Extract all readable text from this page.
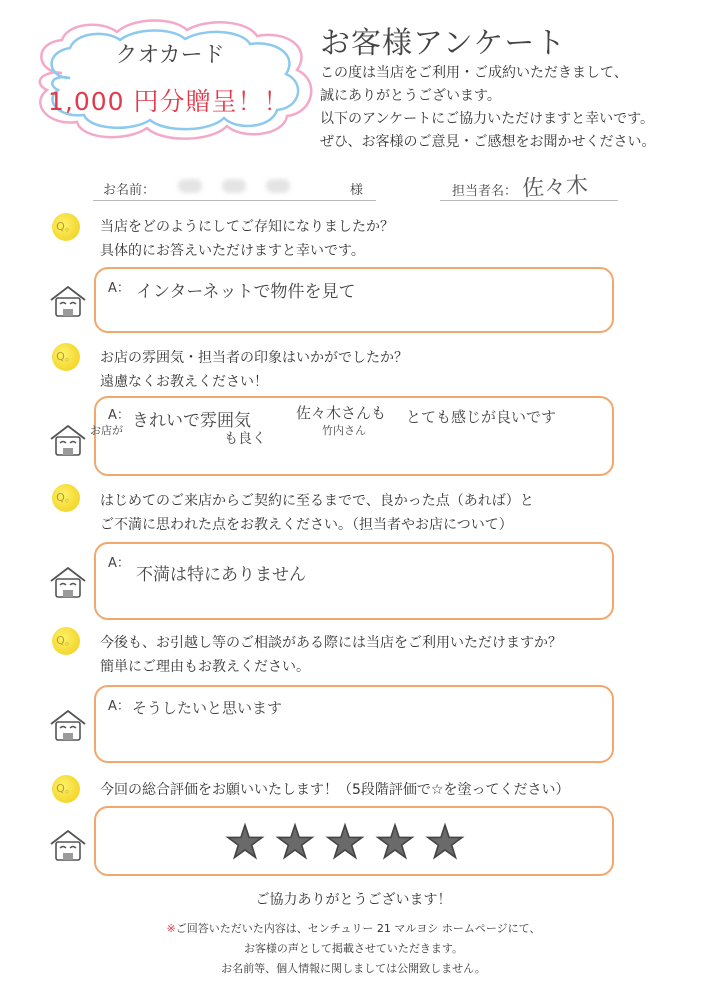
クオカード
1,000 円分贈呈！！
お客様アンケート
この度は当店をご利用・ご成約いただきまして、
誠にありがとうございます。
以下のアンケートにご協力いただけますと幸いです。
ぜひ、お客様のご意見・ご感想をお聞かせください。
お名前：	様	担当者名： 佐々木
Q。 当店をどのようにしてご存知になりましたか？
具体的にお答えいただけますと幸いです。
A： インターネットで物件を見て
Q。 お店の雰囲気・担当者の印象はいかがでしたか？
遠慮なくお教えください！
A：
お店が きれいで雰囲気
も良く
佐々木さんも
竹内さん
とても感じが良いです
Q。 はじめてのご来店からご契約に至るまでで、良かった点（あれば）と
ご不満に思われた点をお教えください。（担当者やお店について）
A：
不満は特にありません
Q。 今後も、お引越し等のご相談がある際には当店をご利用いただけますか？
簡単にご理由もお教えください。
A： そうしたいと思います
Q。 今回の総合評価をお願いいたします！（5段階評価で☆を塗ってください）
ご協力ありがとうございます！
※ご回答いただいた内容は、センチュリー 21 マルヨシ ホームページにて、
お客様の声として掲載させていただきます。
お名前等、個人情報に関しましては公開致しません。
